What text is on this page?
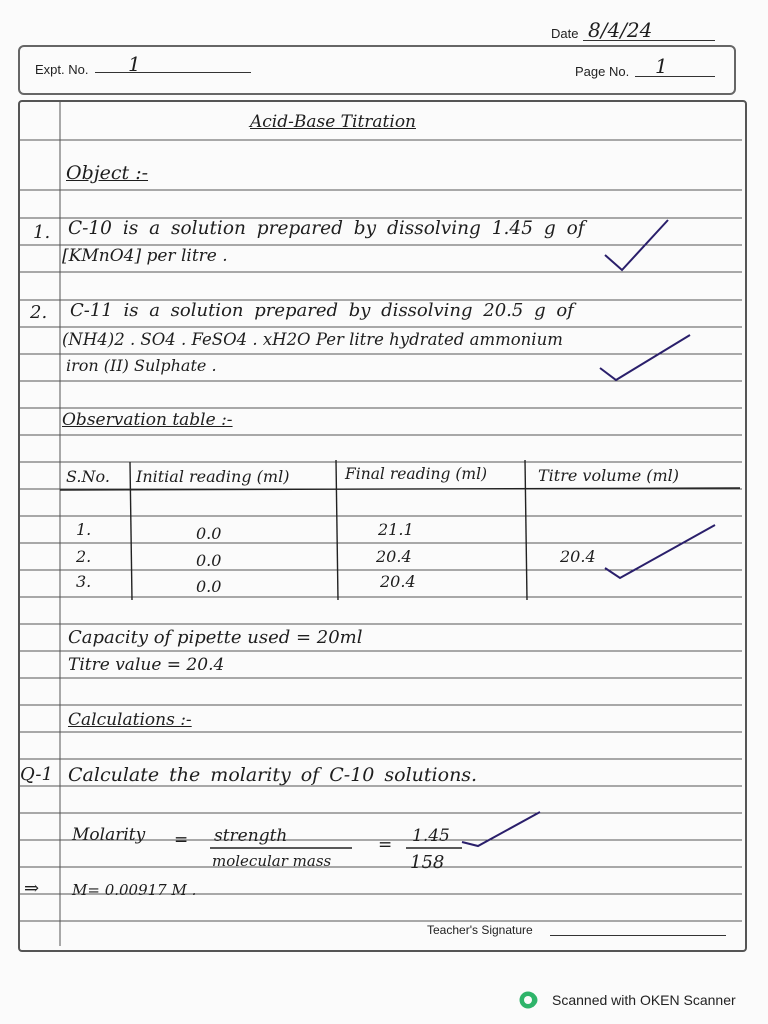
Date 8/4/24
Expt. No. 1	Page No. 1
Acid-Base Titration
Object :-
1. C-10 is a solution prepared by dissolving 1.45 g of
[KMnO4] per litre .
2. C-11 is a solution prepared by dissolving 20.5 g of
(NH4)2 . SO4 . FeSO4 . xH2O Per litre hydrated ammonium
iron (II) Sulphate .
Observation table :-
S.No. Initial reading (ml)	Final reading (ml)	Titre volume (ml)
1.	0.0	21.1
2.	0.0	20.4	20.4
3.	0.0	20.4
Capacity of pipette used = 20ml
Titre value = 20.4
Calculations :-
Q-1 Calculate the molarity of C-10 solutions.
Molarity = strength
molecular mass
= 1.45
158
⇒ M= 0.00917 M .
Teacher's Signature
Scanned with OKEN Scanner
